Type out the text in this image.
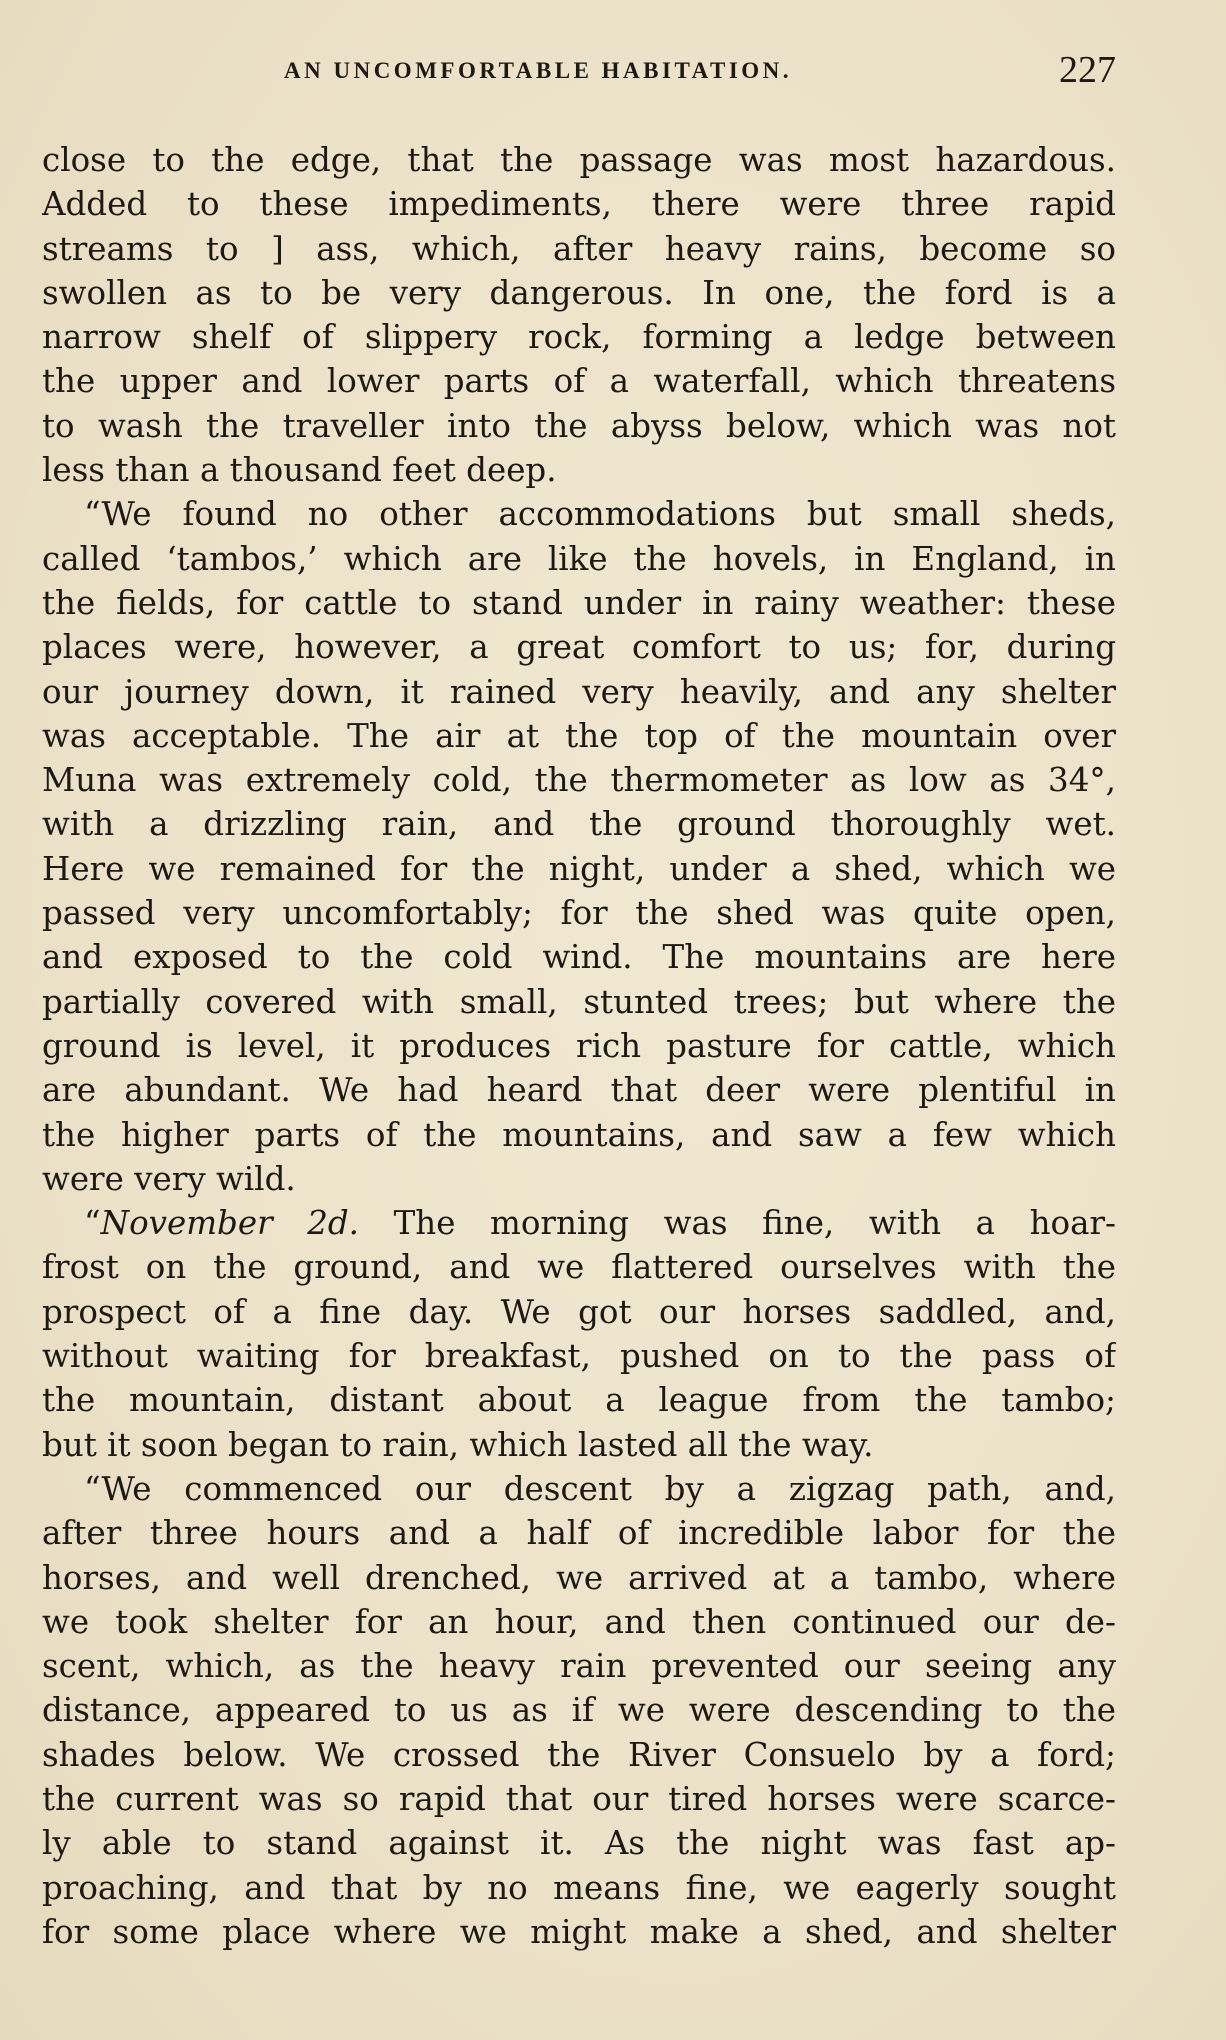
AN UNCOMFORTABLE HABITATION.	227
close to the edge, that the passage was most hazardous.
Added to these impediments, there were three rapid
streams to ] ass, which, after heavy rains, become so
swollen as to be very dangerous. In one, the ford is a
narrow shelf of slippery rock, forming a ledge between
the upper and lower parts of a waterfall, which threatens
to wash the traveller into the abyss below, which was not
less than a thousand feet deep.
“We found no other accommodations but small sheds,
called ‘tambos,’ which are like the hovels, in England, in
the fields, for cattle to stand under in rainy weather: these
places were, however, a great comfort to us; for, during
our journey down, it rained very heavily, and any shelter
was acceptable. The air at the top of the mountain over
Muna was extremely cold, the thermometer as low as 34°,
with a drizzling rain, and the ground thoroughly wet.
Here we remained for the night, under a shed, which we
passed very uncomfortably; for the shed was quite open,
and exposed to the cold wind. The mountains are here
partially covered with small, stunted trees; but where the
ground is level, it produces rich pasture for cattle, which
are abundant. We had heard that deer were plentiful in
the higher parts of the mountains, and saw a few which
were very wild.
“November 2d. The morning was fine, with a hoar-
frost on the ground, and we flattered ourselves with the
prospect of a fine day. We got our horses saddled, and,
without waiting for breakfast, pushed on to the pass of
the mountain, distant about a league from the tambo;
but it soon began to rain, which lasted all the way.
“We commenced our descent by a zigzag path, and,
after three hours and a half of incredible labor for the
horses, and well drenched, we arrived at a tambo, where
we took shelter for an hour, and then continued our de-
scent, which, as the heavy rain prevented our seeing any
distance, appeared to us as if we were descending to the
shades below. We crossed the River Consuelo by a ford;
the current was so rapid that our tired horses were scarce-
ly able to stand against it. As the night was fast ap-
proaching, and that by no means fine, we eagerly sought
for some place where we might make a shed, and shelter
